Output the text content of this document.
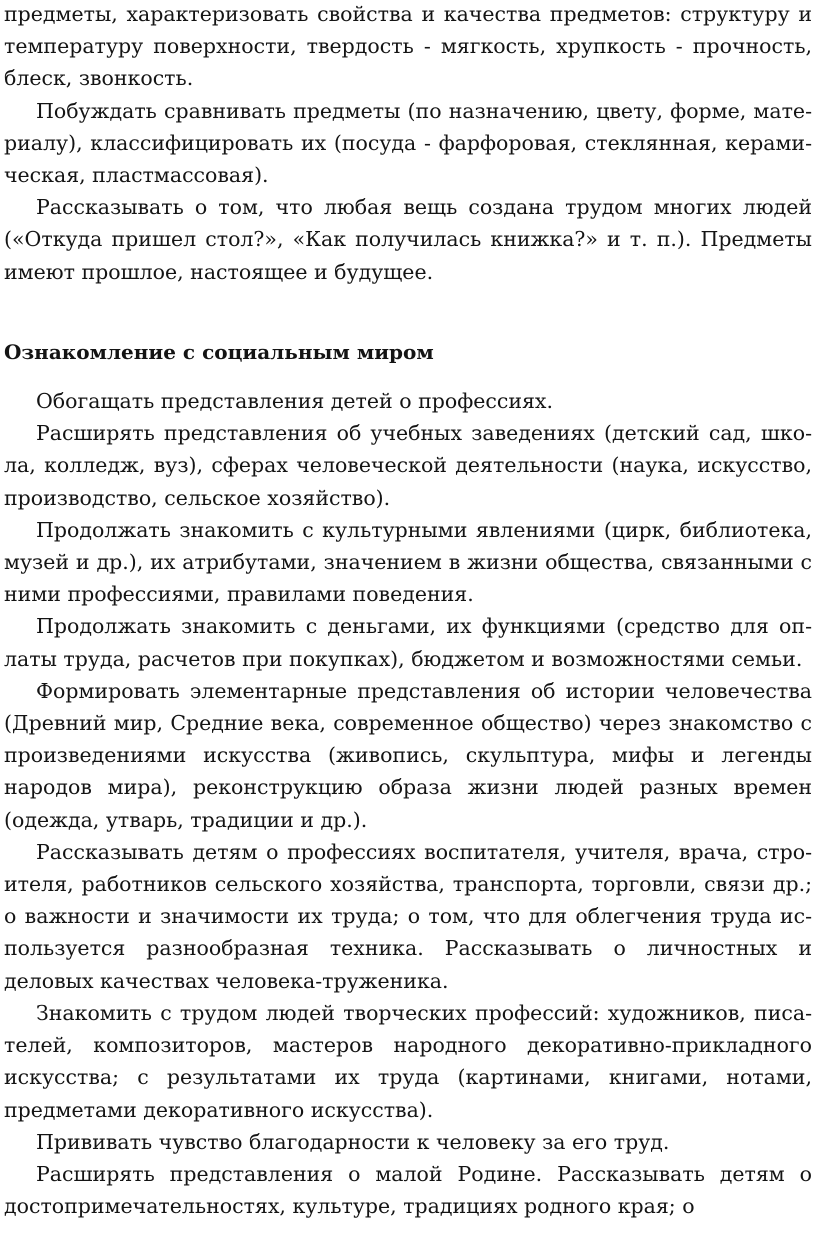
предметы, характеризовать свойства и качества предметов: структуру и температуру поверхности, твердость - мягкость, хрупкость - прочность, блеск, звонкость.

Побуждать сравнивать предметы (по назначению, цвету, форме, материалу), классифицировать их (посуда - фарфоровая, стеклянная, керамическая, пластмассовая).

Рассказывать о том, что любая вещь создана трудом многих людей («Откуда пришел стол?», «Как получилась книжка?» и т. п.). Предметы имеют прошлое, настоящее и будущее.

Ознакомление с социальным миром

Обогащать представления детей о профессиях.

Расширять представления об учебных заведениях (детский сад, школа, колледж, вуз), сферах человеческой деятельности (наука, искусство, производство, сельское хозяйство).

Продолжать знакомить с культурными явлениями (цирк, библиотека, музей и др.), их атрибутами, значением в жизни общества, связанными с ними профессиями, правилами поведения.

Продолжать знакомить с деньгами, их функциями (средство для оплаты труда, расчетов при покупках), бюджетом и возможностями семьи.

Формировать элементарные представления об истории человечества (Древний мир, Средние века, современное общество) через знакомство с произведениями искусства (живопись, скульптура, мифы и легенды народов мира), реконструкцию образа жизни людей разных времен (одежда, утварь, традиции и др.).

Рассказывать детям о профессиях воспитателя, учителя, врача, строителя, работников сельского хозяйства, транспорта, торговли, связи др.; о важности и значимости их труда; о том, что для облегчения труда используется разнообразная техника. Рассказывать о личностных и деловых качествах человека-труженика.

Знакомить с трудом людей творческих профессий: художников, писателей, композиторов, мастеров народного декоративно-прикладного искусства; с результатами их труда (картинами, книгами, нотами, предметами декоративного искусства).

Прививать чувство благодарности к человеку за его труд.

Расширять представления о малой Родине. Рассказывать детям о достопримечательностях, культуре, традициях родного края; о
